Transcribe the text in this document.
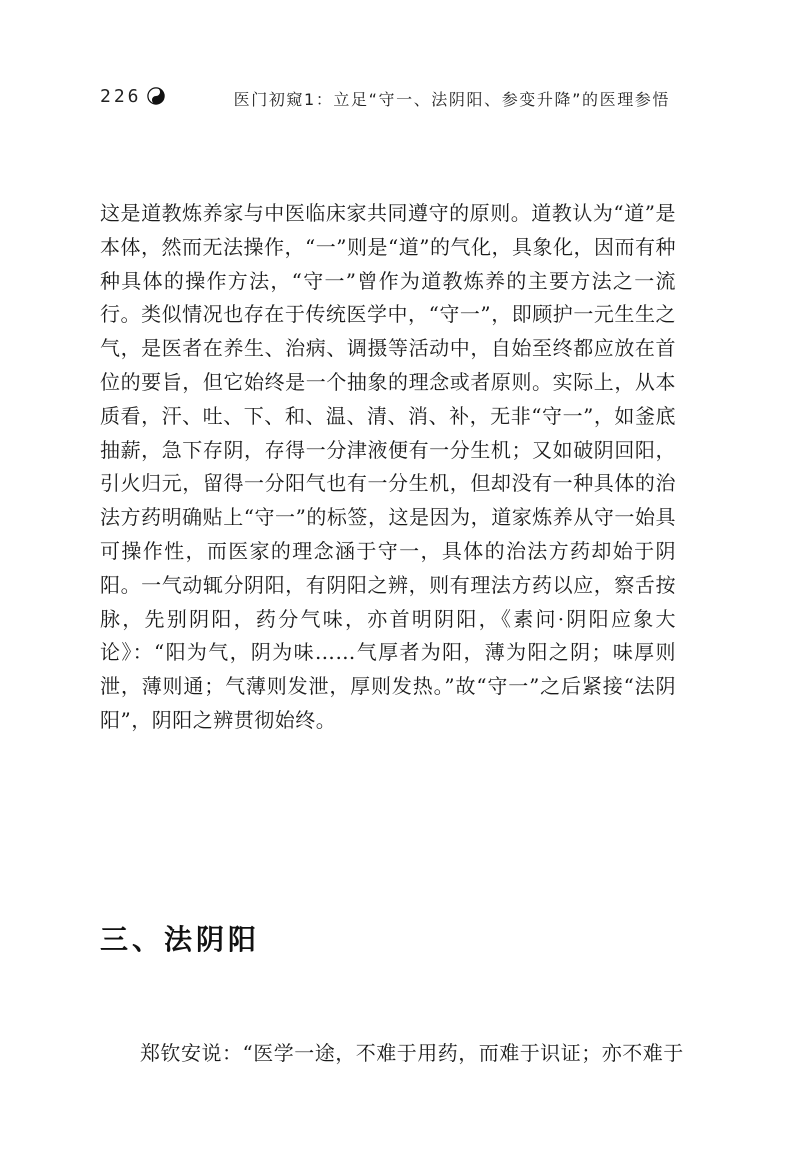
226	医门初窥1：立足“守一、法阴阳、参变升降”的医理参悟

这是道教炼养家与中医临床家共同遵守的原则。道教认为“道”是本体，然而无法操作，“一”则是“道”的气化，具象化，因而有种种具体的操作方法，“守一”曾作为道教炼养的主要方法之一流行。类似情况也存在于传统医学中，“守一”，即顾护一元生生之气，是医者在养生、治病、调摄等活动中，自始至终都应放在首位的要旨，但它始终是一个抽象的理念或者原则。实际上，从本质看，汗、吐、下、和、温、清、消、补，无非“守一”，如釜底抽薪，急下存阴，存得一分津液便有一分生机；又如破阴回阳，引火归元，留得一分阳气也有一分生机，但却没有一种具体的治法方药明确贴上“守一”的标签，这是因为，道家炼养从守一始具可操作性，而医家的理念涵于守一，具体的治法方药却始于阴阳。一气动辄分阴阳，有阴阳之辨，则有理法方药以应，察舌按脉，先别阴阳，药分气味，亦首明阴阳，《素问·阴阳应象大论》：“阳为气，阴为味……气厚者为阳，薄为阳之阴；味厚则泄，薄则通；气薄则发泄，厚则发热。”故“守一”之后紧接“法阴阳”，阴阳之辨贯彻始终。

三、法阴阳

郑钦安说：“医学一途，不难于用药，而难于识证；亦不难于
